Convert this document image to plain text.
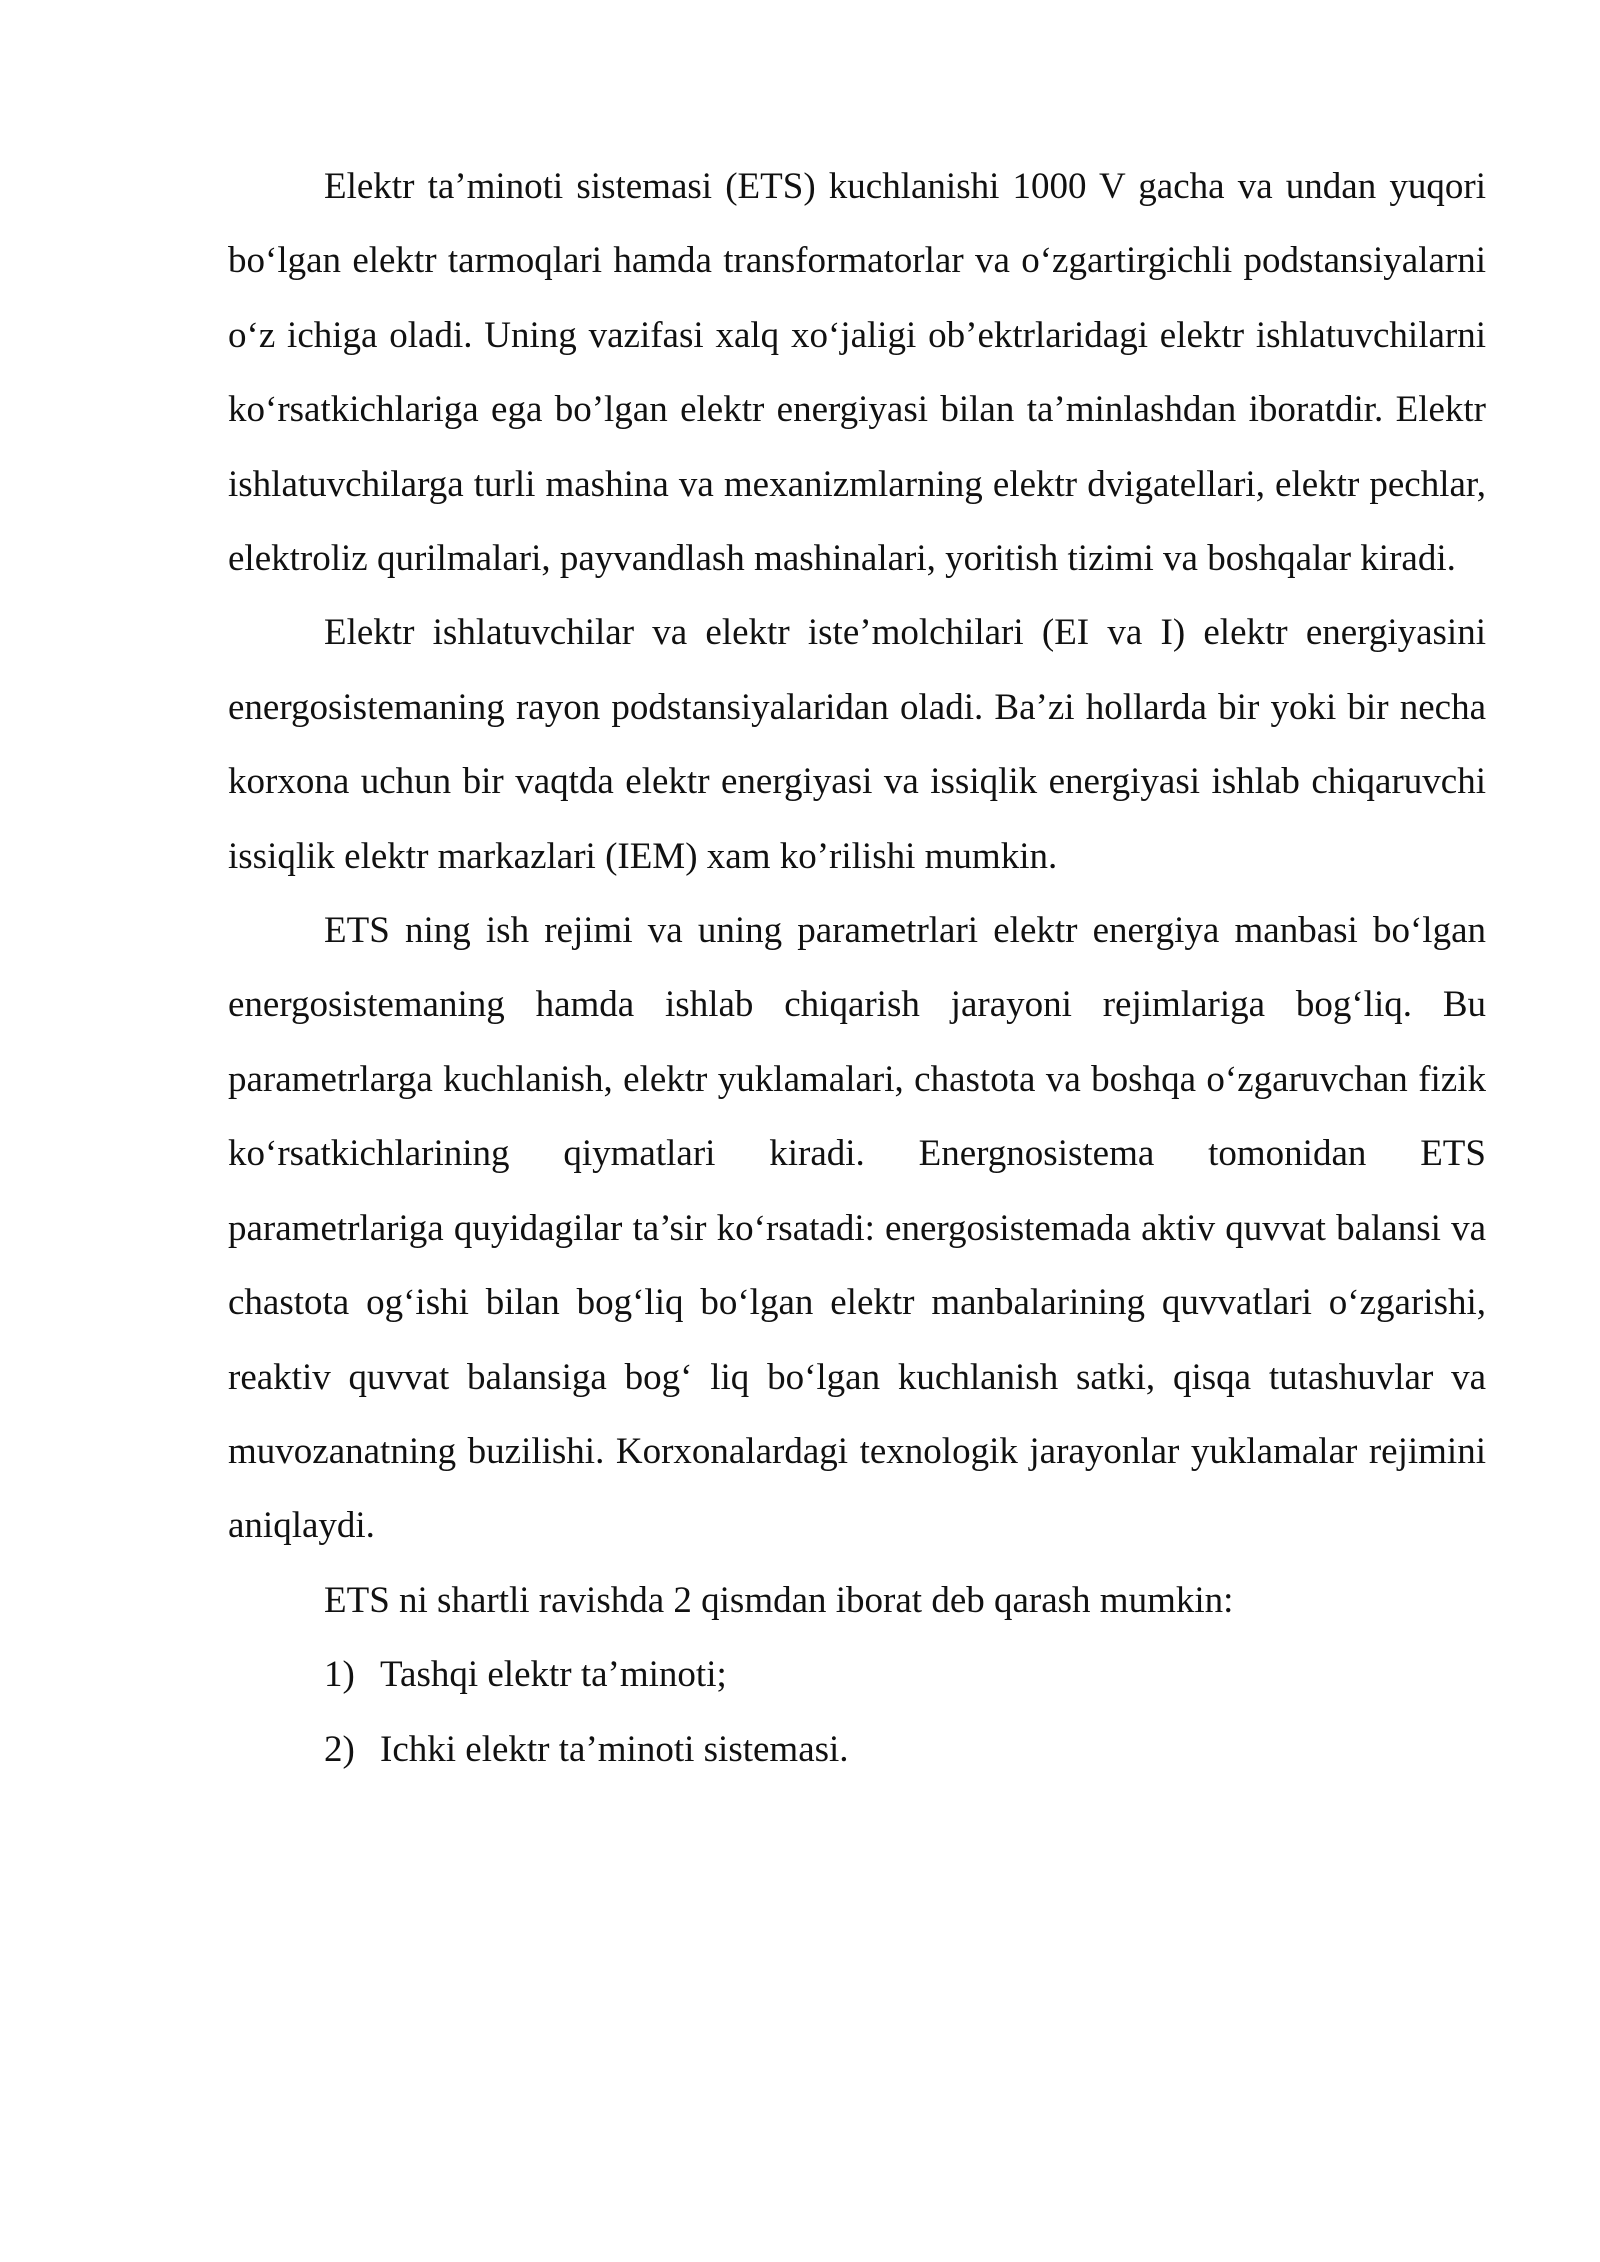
Elektr ta’minoti sistemasi (ETS) kuchlanishi 1000 V gacha va undan yuqori bo‘lgan elektr tarmoqlari hamda transformatorlar va o‘zgartirgichli podstansiyalarni o‘z ichiga oladi. Uning vazifasi xalq xo‘jaligi ob’ektrlaridagi elektr ishlatuvchilarni ko‘rsatkichlariga ega bo’lgan elektr energiyasi bilan ta’minlashdan iboratdir. Elektr ishlatuvchilarga turli mashina va mexanizmlarning elektr dvigatellari, elektr pechlar, elektroliz qurilmalari, payvandlash mashinalari, yoritish tizimi va boshqalar kiradi.

Elektr ishlatuvchilar va elektr iste’molchilari (EI va I) elektr energiyasini energosistemaning rayon podstansiyalaridan oladi. Ba’zi hollarda bir yoki bir necha korxona uchun bir vaqtda elektr energiyasi va issiqlik energiyasi ishlab chiqaruvchi issiqlik elektr markazlari (IEM) xam ko’rilishi mumkin.

ETS ning ish rejimi va uning parametrlari elektr energiya manbasi bo‘lgan energosistemaning hamda ishlab chiqarish jarayoni rejimlariga bog‘liq. Bu parametrlarga kuchlanish, elektr yuklamalari, chastota va boshqa o‘zgaruvchan fizik ko‘rsatkichlarining qiymatlari kiradi. Energnosistema tomonidan ETS parametrlariga quyidagilar ta’sir ko‘rsatadi: energosistemada aktiv quvvat balansi va chastota og‘ishi bilan bog‘liq bo‘lgan elektr manbalarining quvvatlari o‘zgarishi, reaktiv quvvat balansiga bog‘ liq bo‘lgan kuchlanish satki, qisqa tutashuvlar va muvozanatning buzilishi. Korxonalardagi texnologik jarayonlar yuklamalar rejimini aniqlaydi.

ETS ni shartli ravishda 2 qismdan iborat deb qarash mumkin:

1) Tashqi elektr ta’minoti;
2) Ichki elektr ta’minoti sistemasi.
